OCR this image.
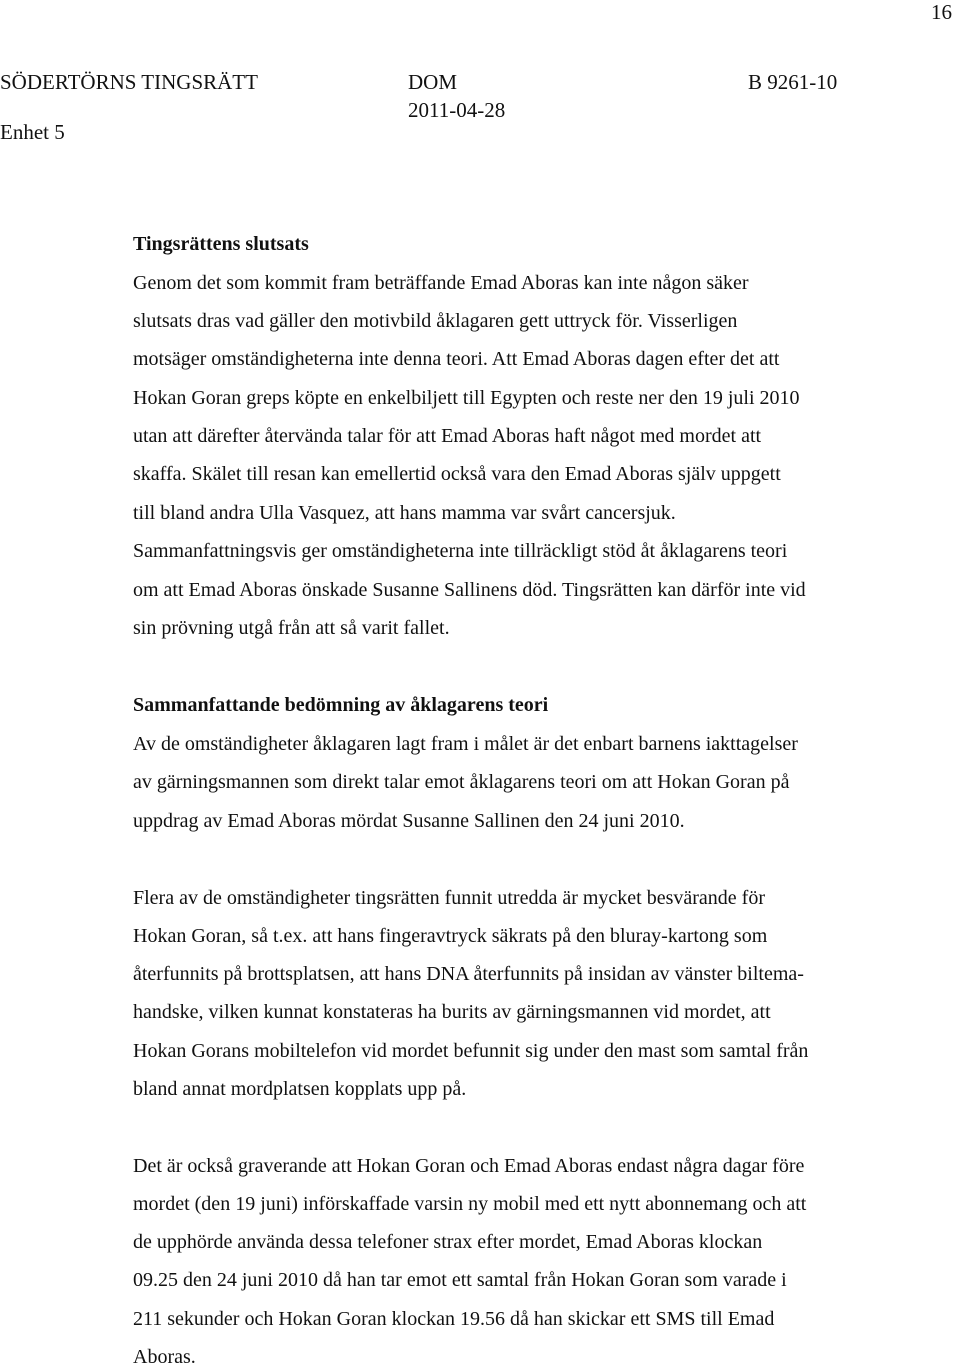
16
SÖDERTÖRNS TINGSRÄTT
Enhet 5
DOM
2011-04-28
B 9261-10
Tingsrättens slutsats
Genom det som kommit fram beträffande Emad Aboras kan inte någon säker
slutsats dras vad gäller den motivbild åklagaren gett uttryck för. Visserligen
motsäger omständigheterna inte denna teori. Att Emad Aboras dagen efter det att
Hokan Goran greps köpte en enkelbiljett till Egypten och reste ner den 19 juli 2010
utan att därefter återvända talar för att Emad Aboras haft något med mordet att
skaffa. Skälet till resan kan emellertid också vara den Emad Aboras själv uppgett
till bland andra Ulla Vasquez, att hans mamma var svårt cancersjuk.
Sammanfattningsvis ger omständigheterna inte tillräckligt stöd åt åklagarens teori
om att Emad Aboras önskade Susanne Sallinens död. Tingsrätten kan därför inte vid
sin prövning utgå från att så varit fallet.
Sammanfattande bedömning av åklagarens teori
Av de omständigheter åklagaren lagt fram i målet är det enbart barnens iakttagelser
av gärningsmannen som direkt talar emot åklagarens teori om att Hokan Goran på
uppdrag av Emad Aboras mördat Susanne Sallinen den 24 juni 2010.
Flera av de omständigheter tingsrätten funnit utredda är mycket besvärande för
Hokan Goran, så t.ex. att hans fingeravtryck säkrats på den bluray-kartong som
återfunnits på brottsplatsen, att hans DNA återfunnits på insidan av vänster biltema-
handske, vilken kunnat konstateras ha burits av gärningsmannen vid mordet, att
Hokan Gorans mobiltelefon vid mordet befunnit sig under den mast som samtal från
bland annat mordplatsen kopplats upp på.
Det är också graverande att Hokan Goran och Emad Aboras endast några dagar före
mordet (den 19 juni) införskaffade varsin ny mobil med ett nytt abonnemang och att
de upphörde använda dessa telefoner strax efter mordet, Emad Aboras klockan
09.25 den 24 juni 2010 då han tar emot ett samtal från Hokan Goran som varade i
211 sekunder och Hokan Goran klockan 19.56 då han skickar ett SMS till Emad
Aboras.
